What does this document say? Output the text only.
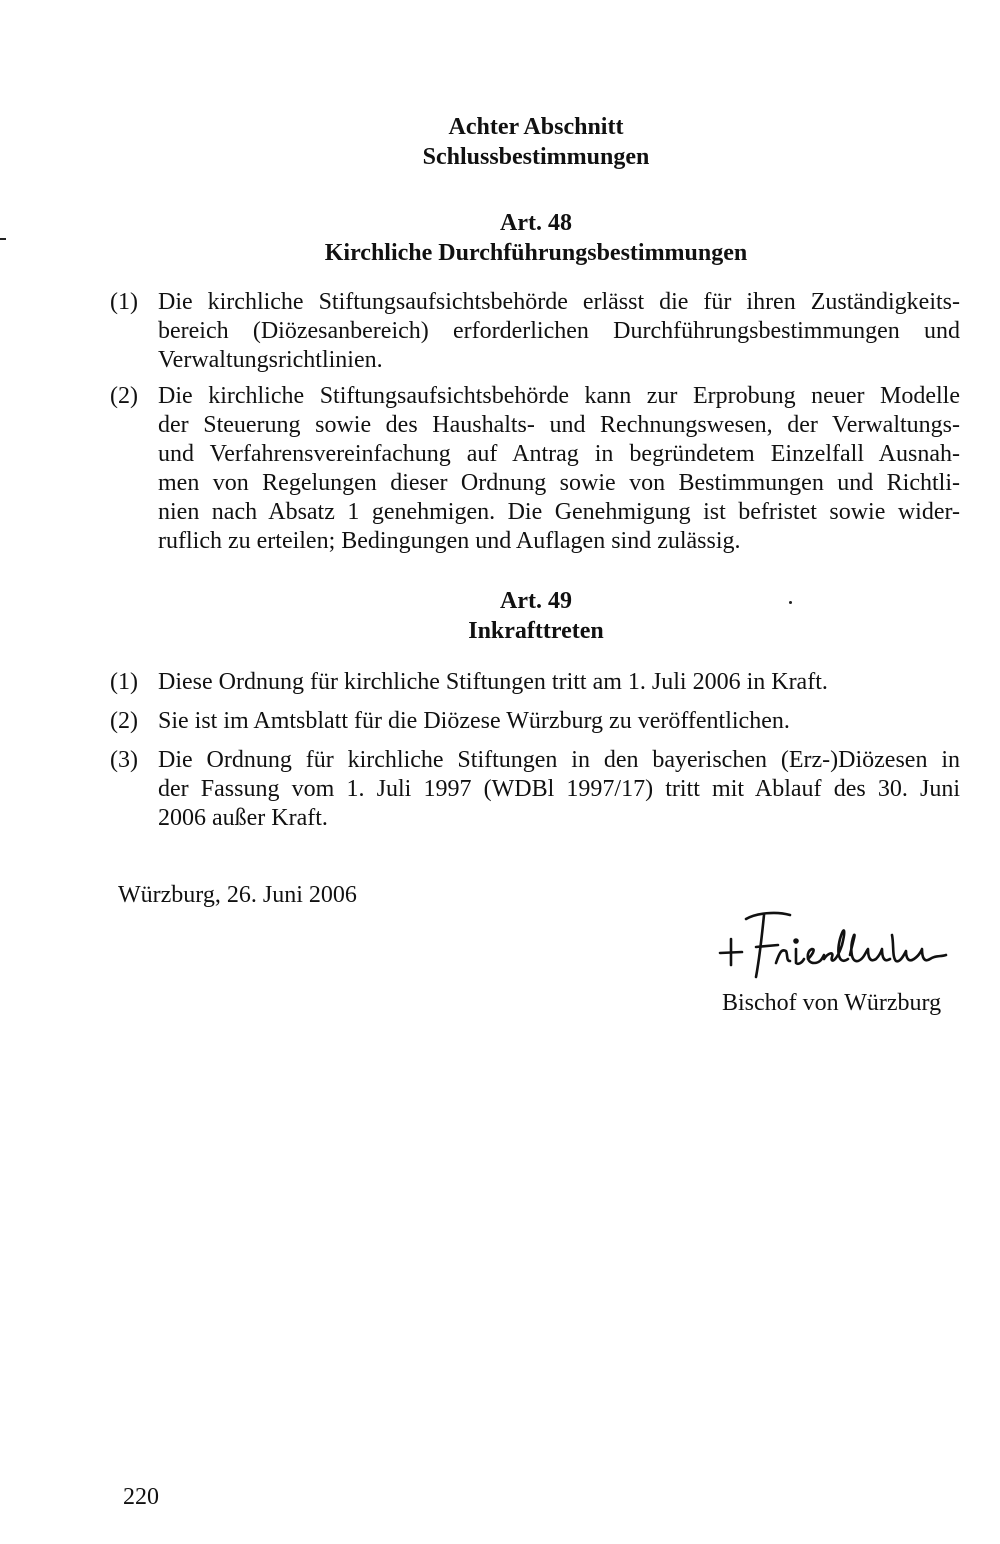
Achter Abschnitt
Schlussbestimmungen
Art. 48
Kirchliche Durchführungsbestimmungen
(1) Die kirchliche Stiftungsaufsichtsbehörde erlässt die für ihren Zuständigkeits-
bereich (Diözesanbereich) erforderlichen Durchführungsbestimmungen und
Verwaltungsrichtlinien.
(2) Die kirchliche Stiftungsaufsichtsbehörde kann zur Erprobung neuer Modelle
der Steuerung sowie des Haushalts- und Rechnungswesen, der Verwaltungs-
und Verfahrensvereinfachung auf Antrag in begründetem Einzelfall Ausnah-
men von Regelungen dieser Ordnung sowie von Bestimmungen und Richtli-
nien nach Absatz 1 genehmigen. Die Genehmigung ist befristet sowie wider-
ruflich zu erteilen; Bedingungen und Auflagen sind zulässig.
Art. 49
Inkrafttreten
(1) Diese Ordnung für kirchliche Stiftungen tritt am 1. Juli 2006 in Kraft.
(2) Sie ist im Amtsblatt für die Diözese Würzburg zu veröffentlichen.
(3) Die Ordnung für kirchliche Stiftungen in den bayerischen (Erz-)Diözesen in
der Fassung vom 1. Juli 1997 (WDBl 1997/17) tritt mit Ablauf des 30. Juni
2006 außer Kraft.
Würzburg, 26. Juni 2006
Bischof von Würzburg
220
